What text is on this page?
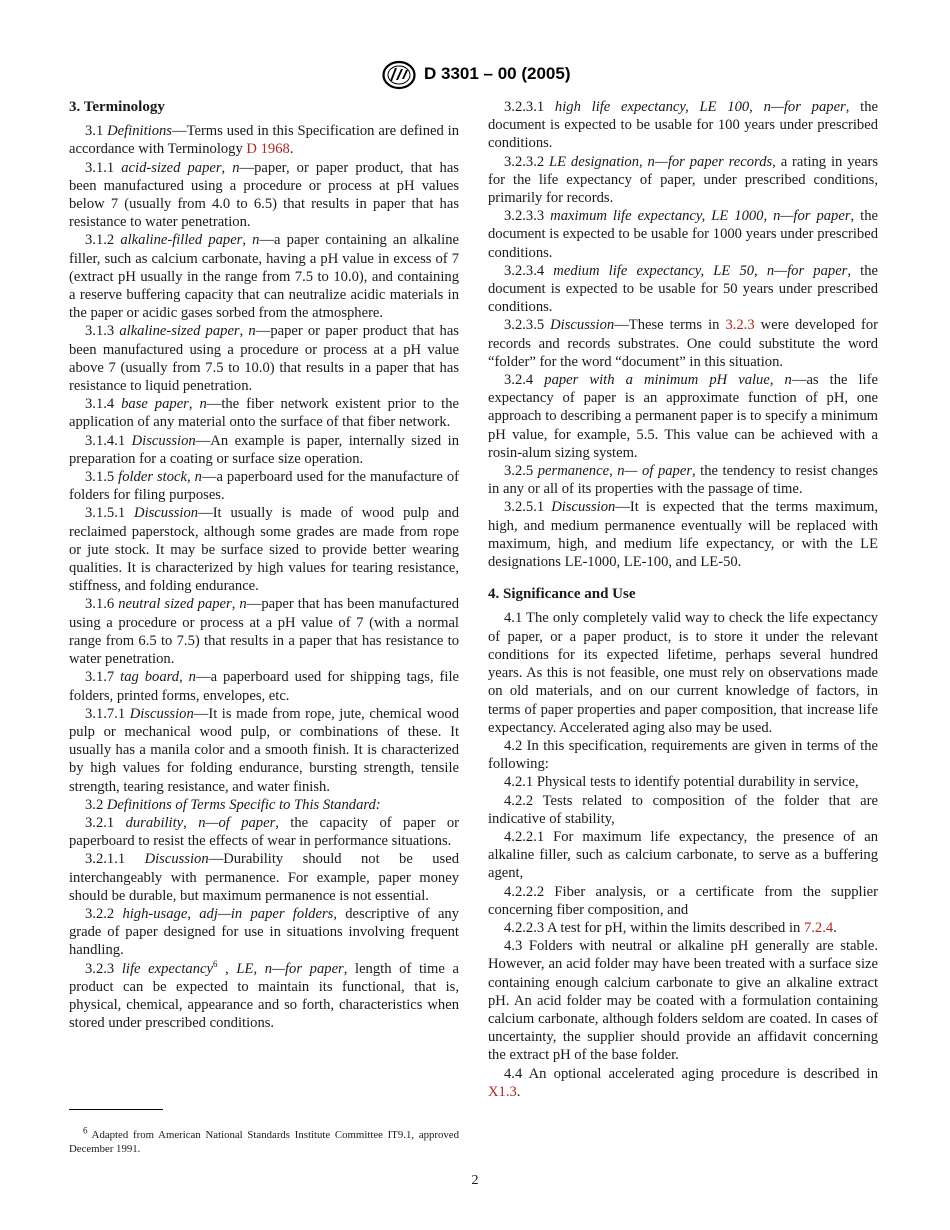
D 3301 – 00 (2005)

3. Terminology

3.1 Definitions—Terms used in this Specification are defined in accordance with Terminology D 1968.

3.1.1 acid-sized paper, n—paper, or paper product, that has been manufactured using a procedure or process at pH values below 7 (usually from 4.0 to 6.5) that results in paper that has resistance to water penetration.

3.1.2 alkaline-filled paper, n—a paper containing an alkaline filler, such as calcium carbonate, having a pH value in excess of 7 (extract pH usually in the range from 7.5 to 10.0), and containing a reserve buffering capacity that can neutralize acidic materials in the paper or acidic gases sorbed from the atmosphere.

3.1.3 alkaline-sized paper, n—paper or paper product that has been manufactured using a procedure or process at a pH value above 7 (usually from 7.5 to 10.0) that results in a paper that has resistance to liquid penetration.

3.1.4 base paper, n—the fiber network existent prior to the application of any material onto the surface of that fiber network.

3.1.4.1 Discussion—An example is paper, internally sized in preparation for a coating or surface size operation.

3.1.5 folder stock, n—a paperboard used for the manufacture of folders for filing purposes.

3.1.5.1 Discussion—It usually is made of wood pulp and reclaimed paperstock, although some grades are made from rope or jute stock. It may be surface sized to provide better wearing qualities. It is characterized by high values for tearing resistance, stiffness, and folding endurance.

3.1.6 neutral sized paper, n—paper that has been manufactured using a procedure or process at a pH value of 7 (with a normal range from 6.5 to 7.5) that results in a paper that has resistance to water penetration.

3.1.7 tag board, n—a paperboard used for shipping tags, file folders, printed forms, envelopes, etc.

3.1.7.1 Discussion—It is made from rope, jute, chemical wood pulp or mechanical wood pulp, or combinations of these. It usually has a manila color and a smooth finish. It is characterized by high values for folding endurance, bursting strength, tensile strength, tearing resistance, and water finish.

3.2 Definitions of Terms Specific to This Standard:

3.2.1 durability, n—of paper, the capacity of paper or paperboard to resist the effects of wear in performance situations.

3.2.1.1 Discussion—Durability should not be used interchangeably with permanence. For example, paper money should be durable, but maximum permanence is not essential.

3.2.2 high-usage, adj—in paper folders, descriptive of any grade of paper designed for use in situations involving frequent handling.

3.2.3 life expectancy$^6$ , LE, n—for paper, length of time a product can be expected to maintain its functional, that is, physical, chemical, appearance and so forth, characteristics when stored under prescribed conditions.

3.2.3.1 high life expectancy, LE 100, n—for paper, the document is expected to be usable for 100 years under prescribed conditions.

3.2.3.2 LE designation, n—for paper records, a rating in years for the life expectancy of paper, under prescribed conditions, primarily for records.

3.2.3.3 maximum life expectancy, LE 1000, n—for paper, the document is expected to be usable for 1000 years under prescribed conditions.

3.2.3.4 medium life expectancy, LE 50, n—for paper, the document is expected to be usable for 50 years under prescribed conditions.

3.2.3.5 Discussion—These terms in 3.2.3 were developed for records and records substrates. One could substitute the word “folder” for the word “document” in this situation.

3.2.4 paper with a minimum pH value, n—as the life expectancy of paper is an approximate function of pH, one approach to describing a permanent paper is to specify a minimum pH value, for example, 5.5. This value can be achieved with a rosin-alum sizing system.

3.2.5 permanence, n— of paper, the tendency to resist changes in any or all of its properties with the passage of time.

3.2.5.1 Discussion—It is expected that the terms maximum, high, and medium permanence eventually will be replaced with maximum, high, and medium life expectancy, or with the LE designations LE-1000, LE-100, and LE-50.

4. Significance and Use

4.1 The only completely valid way to check the life expectancy of paper, or a paper product, is to store it under the relevant conditions for its expected lifetime, perhaps several hundred years. As this is not feasible, one must rely on observations made on old materials, and on our current knowledge of factors, in terms of paper properties and paper composition, that increase life expectancy. Accelerated aging also may be used.

4.2 In this specification, requirements are given in terms of the following:

4.2.1 Physical tests to identify potential durability in service,

4.2.2 Tests related to composition of the folder that are indicative of stability,

4.2.2.1 For maximum life expectancy, the presence of an alkaline filler, such as calcium carbonate, to serve as a buffering agent,

4.2.2.2 Fiber analysis, or a certificate from the supplier concerning fiber composition, and

4.2.2.3 A test for pH, within the limits described in 7.2.4.

4.3 Folders with neutral or alkaline pH generally are stable. However, an acid folder may have been treated with a surface size containing enough calcium carbonate to give an alkaline extract pH. An acid folder may be coated with a formulation containing calcium carbonate, although folders seldom are coated. In cases of uncertainty, the supplier should provide an affidavit concerning the extract pH of the base folder.

4.4 An optional accelerated aging procedure is described in X1.3.

$^6$ Adapted from American National Standards Institute Committee IT9.1, approved December 1991.

2
